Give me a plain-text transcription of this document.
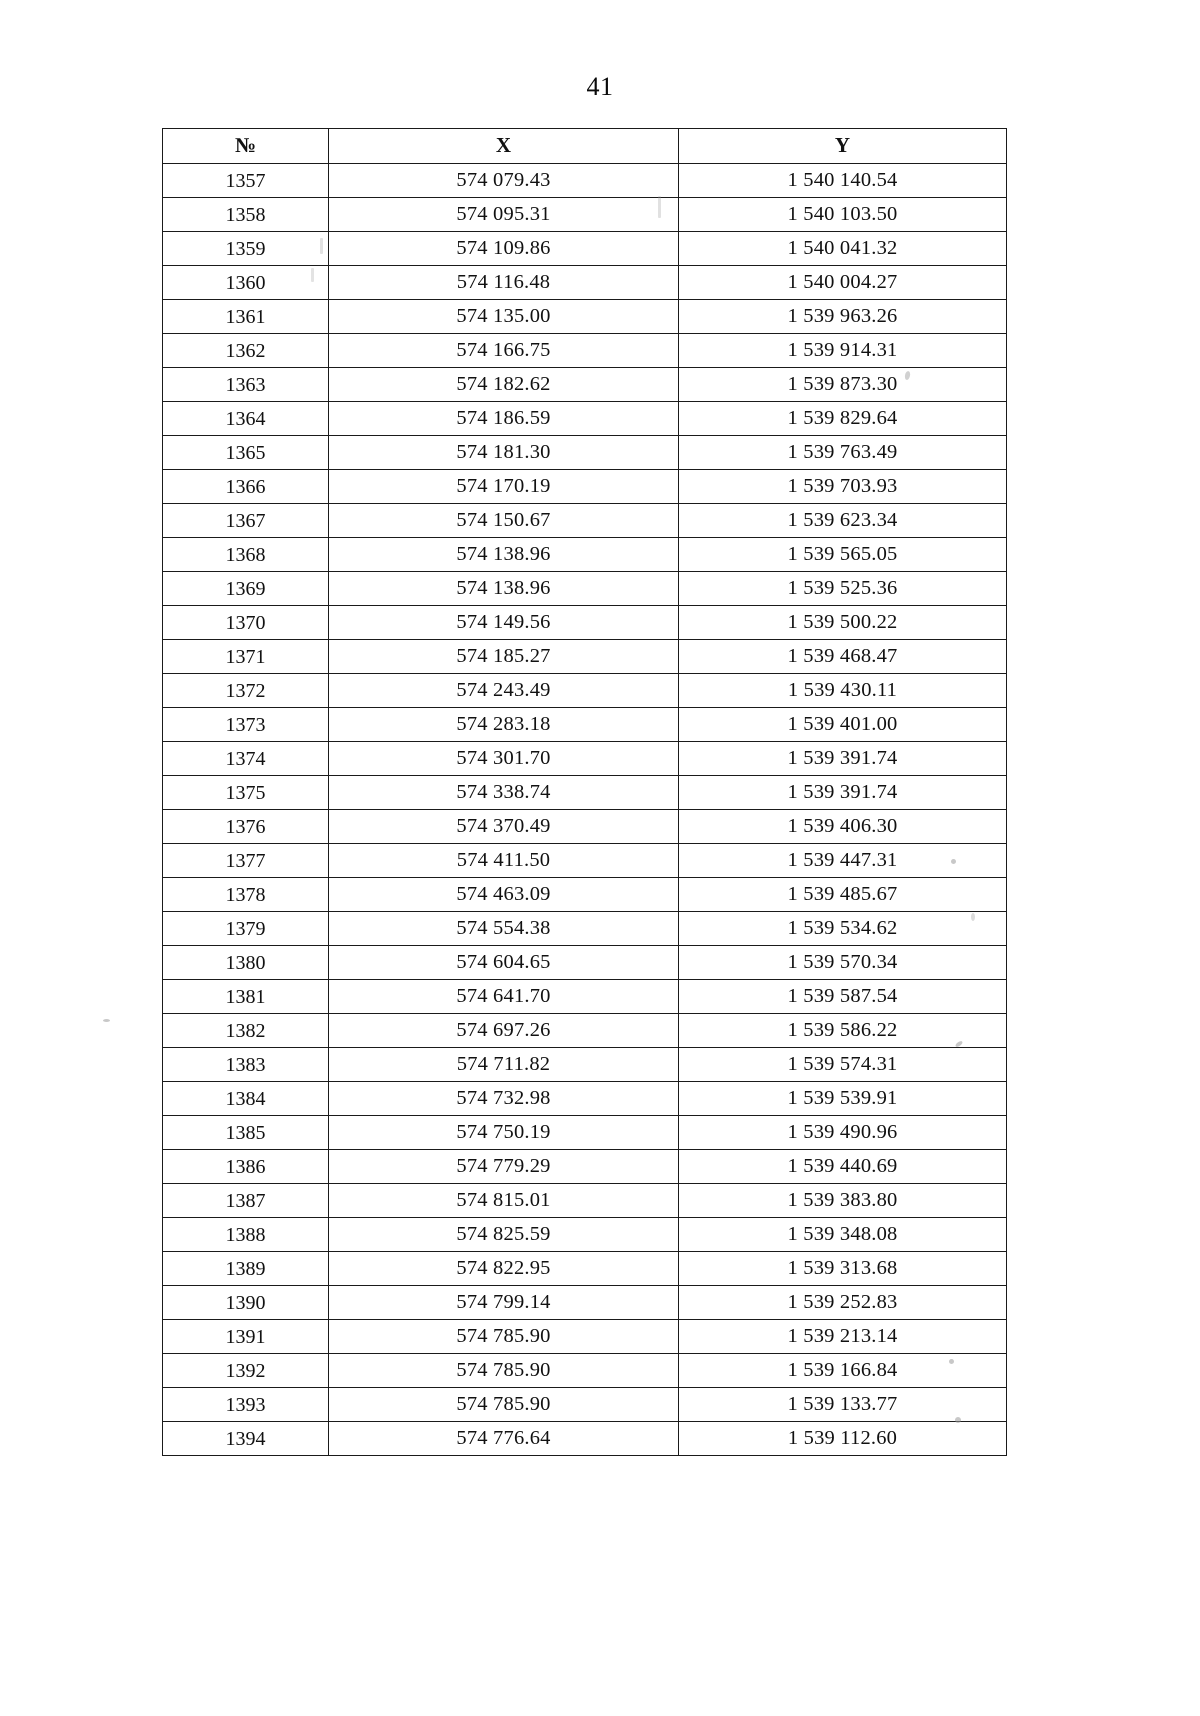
41
№	X	Y
1357	574 079.43	1 540 140.54
1358	574 095.31	1 540 103.50
1359	574 109.86	1 540 041.32
1360	574 116.48	1 540 004.27
1361	574 135.00	1 539 963.26
1362	574 166.75	1 539 914.31
1363	574 182.62	1 539 873.30
1364	574 186.59	1 539 829.64
1365	574 181.30	1 539 763.49
1366	574 170.19	1 539 703.93
1367	574 150.67	1 539 623.34
1368	574 138.96	1 539 565.05
1369	574 138.96	1 539 525.36
1370	574 149.56	1 539 500.22
1371	574 185.27	1 539 468.47
1372	574 243.49	1 539 430.11
1373	574 283.18	1 539 401.00
1374	574 301.70	1 539 391.74
1375	574 338.74	1 539 391.74
1376	574 370.49	1 539 406.30
1377	574 411.50	1 539 447.31
1378	574 463.09	1 539 485.67
1379	574 554.38	1 539 534.62
1380	574 604.65	1 539 570.34
1381	574 641.70	1 539 587.54
1382	574 697.26	1 539 586.22
1383	574 711.82	1 539 574.31
1384	574 732.98	1 539 539.91
1385	574 750.19	1 539 490.96
1386	574 779.29	1 539 440.69
1387	574 815.01	1 539 383.80
1388	574 825.59	1 539 348.08
1389	574 822.95	1 539 313.68
1390	574 799.14	1 539 252.83
1391	574 785.90	1 539 213.14
1392	574 785.90	1 539 166.84
1393	574 785.90	1 539 133.77
1394	574 776.64	1 539 112.60
